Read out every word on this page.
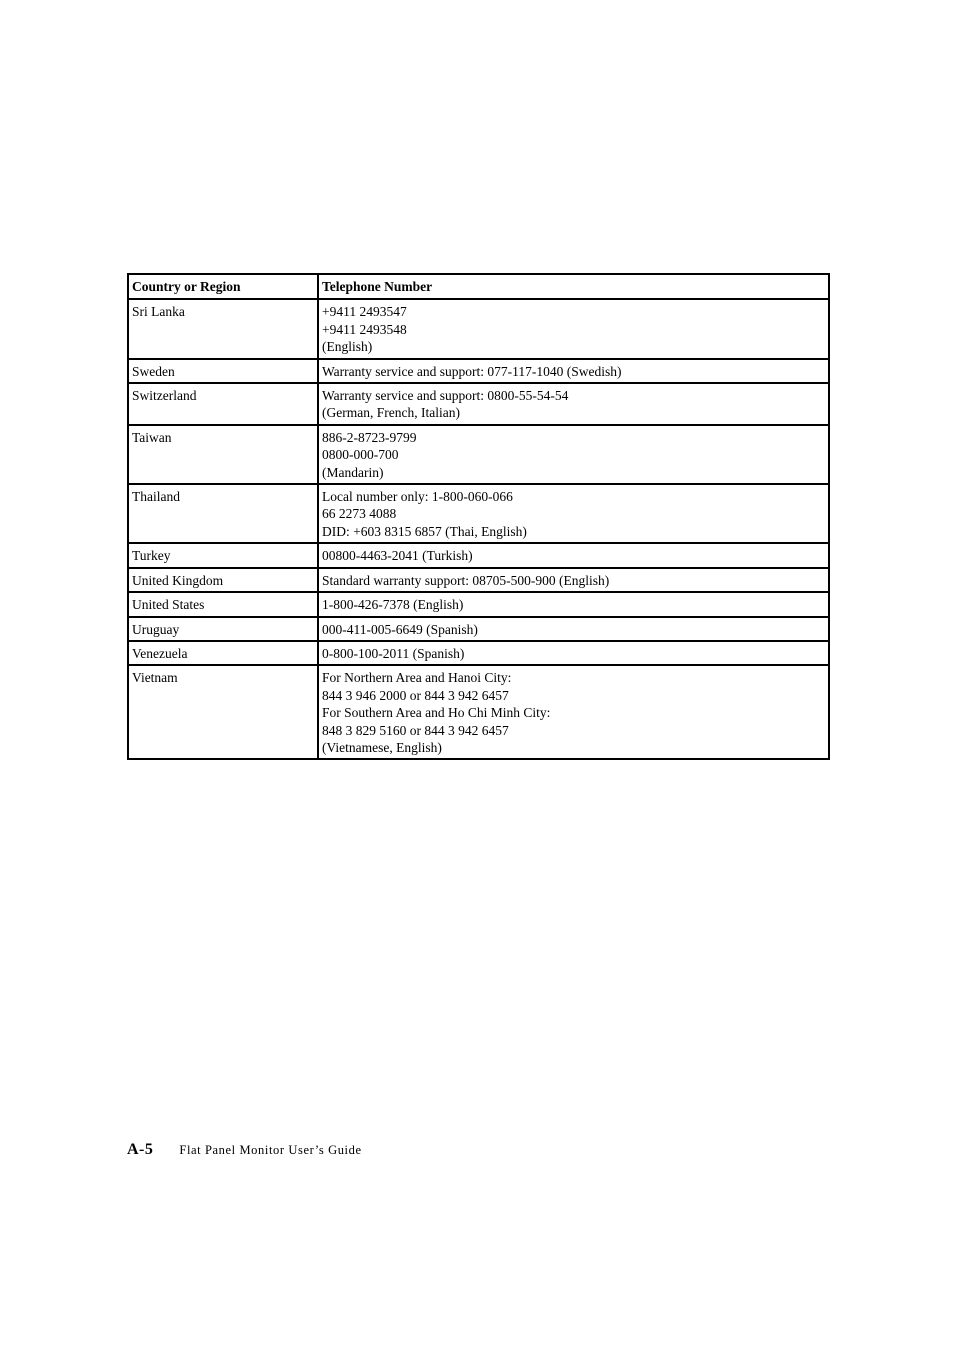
Country or Region	Telephone Number
Sri Lanka	+9411 2493547
+9411 2493548
(English)
Sweden	Warranty service and support: 077-117-1040 (Swedish)
Switzerland	Warranty service and support: 0800-55-54-54
(German, French, Italian)
Taiwan	886-2-8723-9799
0800-000-700
(Mandarin)
Thailand	Local number only: 1-800-060-066
66 2273 4088
DID: +603 8315 6857 (Thai, English)
Turkey	00800-4463-2041 (Turkish)
United Kingdom	Standard warranty support: 08705-500-900 (English)
United States	1-800-426-7378 (English)
Uruguay	000-411-005-6649 (Spanish)
Venezuela	0-800-100-2011 (Spanish)
Vietnam	For Northern Area and Hanoi City:
844 3 946 2000 or 844 3 942 6457
For Southern Area and Ho Chi Minh City:
848 3 829 5160 or 844 3 942 6457
(Vietnamese, English)
A-5 Flat Panel Monitor User’s Guide
